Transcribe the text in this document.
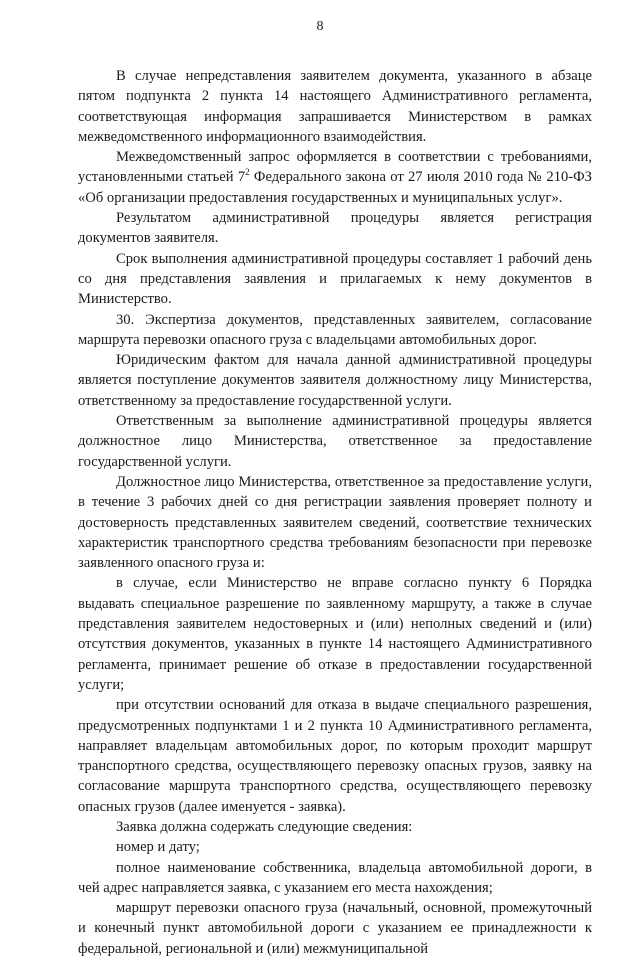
8

В случае непредставления заявителем документа, указанного в абзаце пятом подпункта 2 пункта 14 настоящего Административного регламента, соответствующая информация запрашивается Министерством в рамках межведомственного информационного взаимодействия.

Межведомственный запрос оформляется в соответствии с требованиями, установленными статьей $7^2$ Федерального закона от 27 июля 2010 года № 210-ФЗ «Об организации предоставления государственных и муниципальных услуг».

Результатом административной процедуры является регистрация документов заявителя.

Срок выполнения административной процедуры составляет 1 рабочий день со дня представления заявления и прилагаемых к нему документов в Министерство.

30. Экспертиза документов, представленных заявителем, согласование маршрута перевозки опасного груза с владельцами автомобильных дорог.

Юридическим фактом для начала данной административной процедуры является поступление документов заявителя должностному лицу Министерства, ответственному за предоставление государственной услуги.

Ответственным за выполнение административной процедуры является должностное лицо Министерства, ответственное за предоставление государственной услуги.

Должностное лицо Министерства, ответственное за предоставление услуги, в течение 3 рабочих дней со дня регистрации заявления проверяет полноту и достоверность представленных заявителем сведений, соответствие технических характеристик транспортного средства требованиям безопасности при перевозке заявленного опасного груза и:

в случае, если Министерство не вправе согласно пункту 6 Порядка выдавать специальное разрешение по заявленному маршруту, а также в случае представления заявителем недостоверных и (или) неполных сведений и (или) отсутствия документов, указанных в пункте 14 настоящего Административного регламента, принимает решение об отказе в предоставлении государственной услуги;

при отсутствии оснований для отказа в выдаче специального разрешения, предусмотренных подпунктами 1 и 2 пункта 10 Административного регламента, направляет владельцам автомобильных дорог, по которым проходит маршрут транспортного средства, осуществляющего перевозку опасных грузов, заявку на согласование маршрута транспортного средства, осуществляющего перевозку опасных грузов (далее именуется - заявка).

Заявка должна содержать следующие сведения:

номер и дату;

полное наименование собственника, владельца автомобильной дороги, в чей адрес направляется заявка, с указанием его места нахождения;

маршрут перевозки опасного груза (начальный, основной, промежуточный и конечный пункт автомобильной дороги с указанием ее принадлежности к федеральной, региональной и (или) межмуниципальной
